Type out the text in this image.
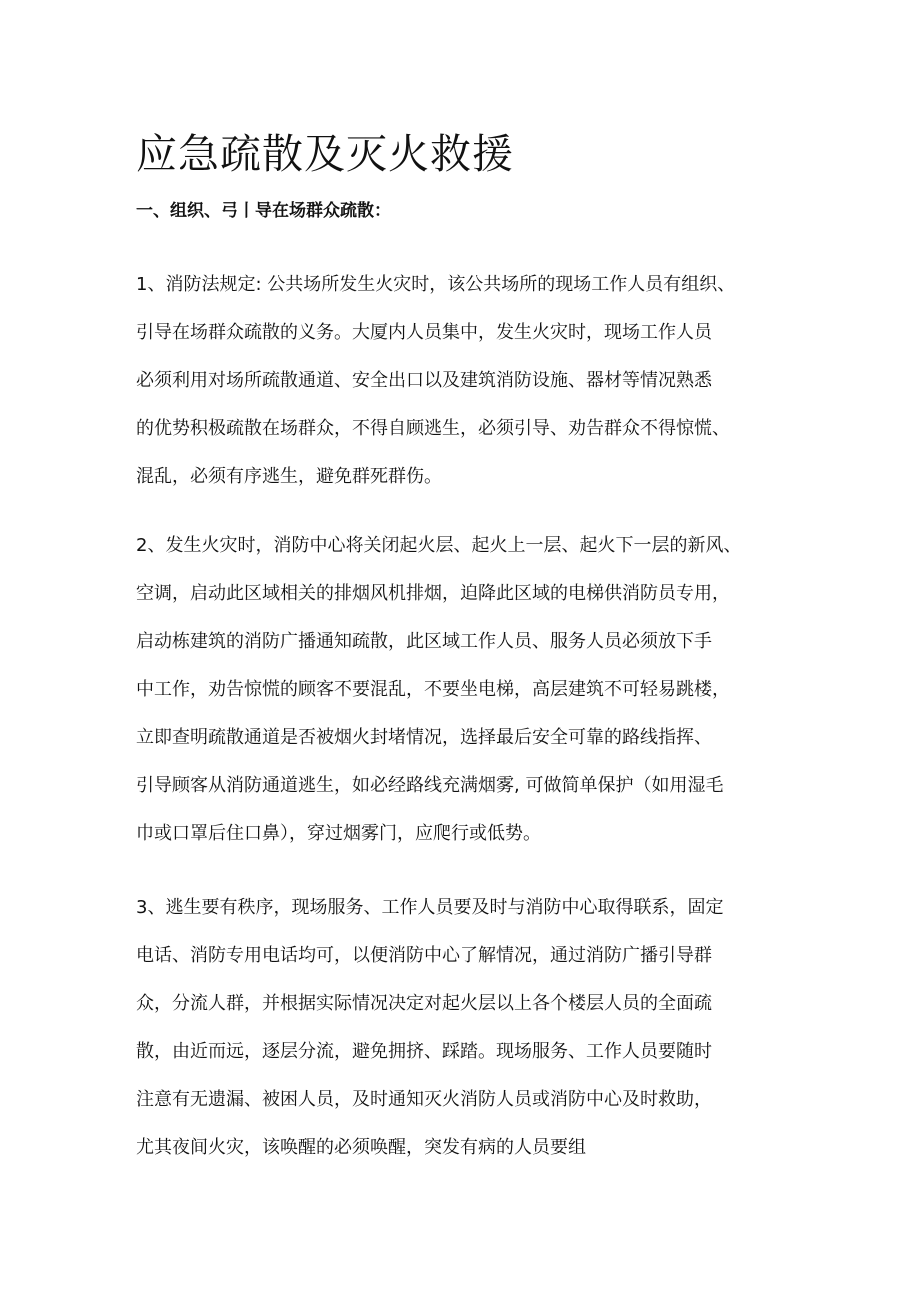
应急疏散及灭火救援
一、组织、弓丨导在场群众疏散：
1、消防法规定: 公共场所发生火灾时，该公共场所的现场工作人员有组织、
引导在场群众疏散的义务。大厦内人员集中，发生火灾时，现场工作人员
必须利用对场所疏散通道、安全出口以及建筑消防设施、器材等情况熟悉
的优势积极疏散在场群众，不得自顾逃生，必须引导、劝告群众不得惊慌、
混乱，必须有序逃生，避免群死群伤。
2、发生火灾时，消防中心将关闭起火层、起火上一层、起火下一层的新风、
空调，启动此区域相关的排烟风机排烟，迫降此区域的电梯供消防员专用，
启动栋建筑的消防广播通知疏散，此区域工作人员、服务人员必须放下手
中工作，劝告惊慌的顾客不要混乱，不要坐电梯，高层建筑不可轻易跳楼，
立即查明疏散通道是否被烟火封堵情况，选择最后安全可靠的路线指挥、
引导顾客从消防通道逃生，如必经路线充满烟雾, 可做简单保护（如用湿毛
巾或口罩后住口鼻），穿过烟雾门，应爬行或低势。
3、逃生要有秩序，现场服务、工作人员要及时与消防中心取得联系，固定
电话、消防专用电话均可，以便消防中心了解情况，通过消防广播引导群
众，分流人群，并根据实际情况决定对起火层以上各个楼层人员的全面疏
散，由近而远，逐层分流，避免拥挤、踩踏。现场服务、工作人员要随时
注意有无遗漏、被困人员，及时通知灭火消防人员或消防中心及时救助，
尤其夜间火灾，该唤醒的必须唤醒，突发有病的人员要组
